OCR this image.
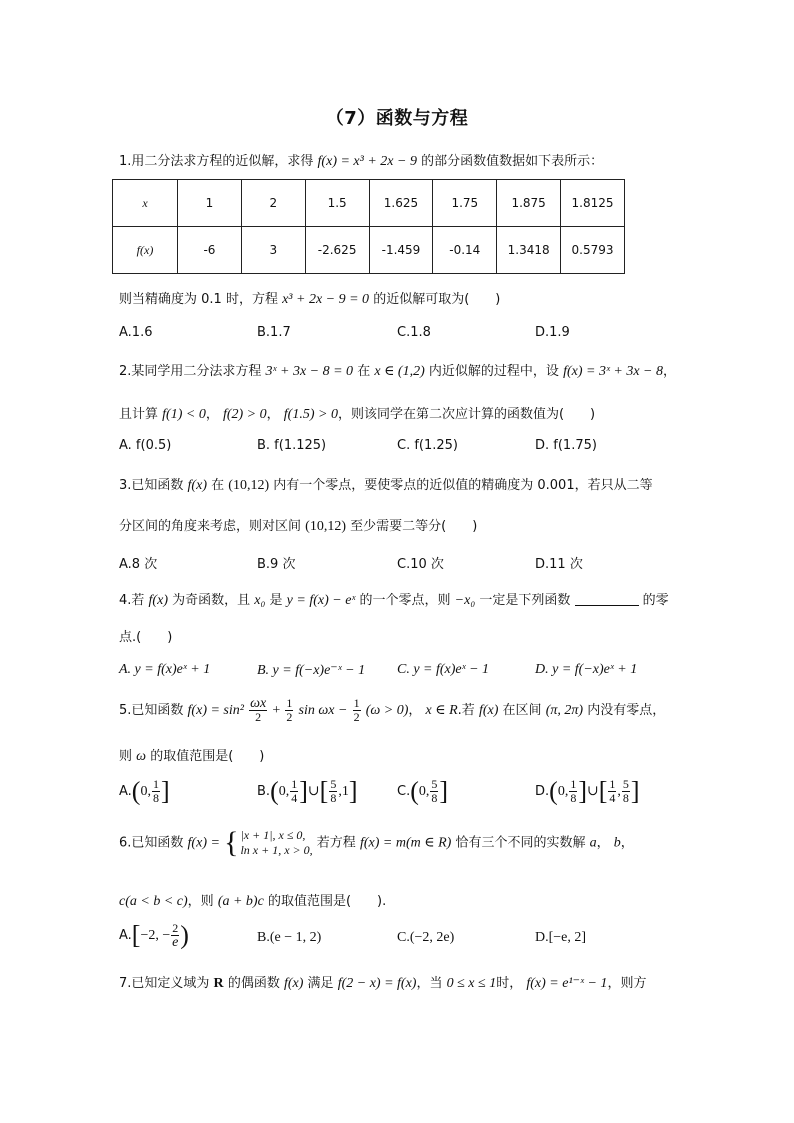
（7）函数与方程
1.用二分法求方程的近似解，求得 f(x) = x³ + 2x − 9 的部分函数值数据如下表所示：
x	1	2	1.5	1.625	1.75	1.875	1.8125
f(x)	-6	3	-2.625	-1.459	-0.14	1.3418	0.5793
则当精确度为 0.1 时，方程 x³ + 2x − 9 = 0 的近似解可取为(　　)
A.1.6	B.1.7	C.1.8	D.1.9
2.某同学用二分法求方程 3ˣ + 3x − 8 = 0 在 x ∈ (1,2) 内近似解的过程中，设 f(x) = 3ˣ + 3x − 8，
且计算 f(1) < 0， f(2) > 0， f(1.5) > 0，则该同学在第二次应计算的函数值为(　　)
A. f(0.5)	B. f(1.125)	C. f(1.25)	D. f(1.75)
3.已知函数 f(x) 在 (10,12) 内有一个零点，要使零点的近似值的精确度为 0.001，若只从二等
分区间的角度来考虑，则对区间 (10,12) 至少需要二等分(　　)
A.8 次	B.9 次	C.10 次	D.11 次
4.若 f(x) 为奇函数，且 x₀ 是 y = f(x) − eˣ 的一个零点，则 −x₀ 一定是下列函数	的零
点.(　　)
A. y = f(x)eˣ + 1	B. y = f(−x)e⁻ˣ − 1 C. y = f(x)eˣ − 1	D. y = f(−x)eˣ + 1
5.已知函数 $f(x) = \sin^2 \frac{\omega x}{2} + \frac{1}{2}$ $\sin \omega x - \frac{1}{2} (\omega > 0)$， x ∈ R.若 f(x) 在区间 (π, 2π) 内没有零点，
则 ω 的取值范围是(　　)
A.(0, $\frac{1}{8}$ ]	B.(0, $\frac{1}{4}$ ]∪[ $\frac{5}{8} ,1$]	C.(0, $\frac{5}{8}$ ]	D.(0, $\frac{1}{8}$ ]∪[ $\frac{1}{4}$ , $\frac{5}{8}$ ]
6.已知函数 f(x) = { |x + 1|, x ≤ 0,
ln x + 1, x > 0, 若方程 f(x) = m(m ∈ R) 恰有三个不同的实数解 a， b，
c(a < b < c)，则 (a + b)c 的取值范围是(　　).
A.[−2, − $\frac{2}{e}$ )	B.(e − 1, 2)	C.(−2, 2e)	D.[−e, 2]
7.已知定义域为 R 的偶函数 f(x) 满足 f(2 − x) = f(x)，当 0 ≤ x ≤ 1时， f(x) = e¹⁻ˣ − 1，则方
